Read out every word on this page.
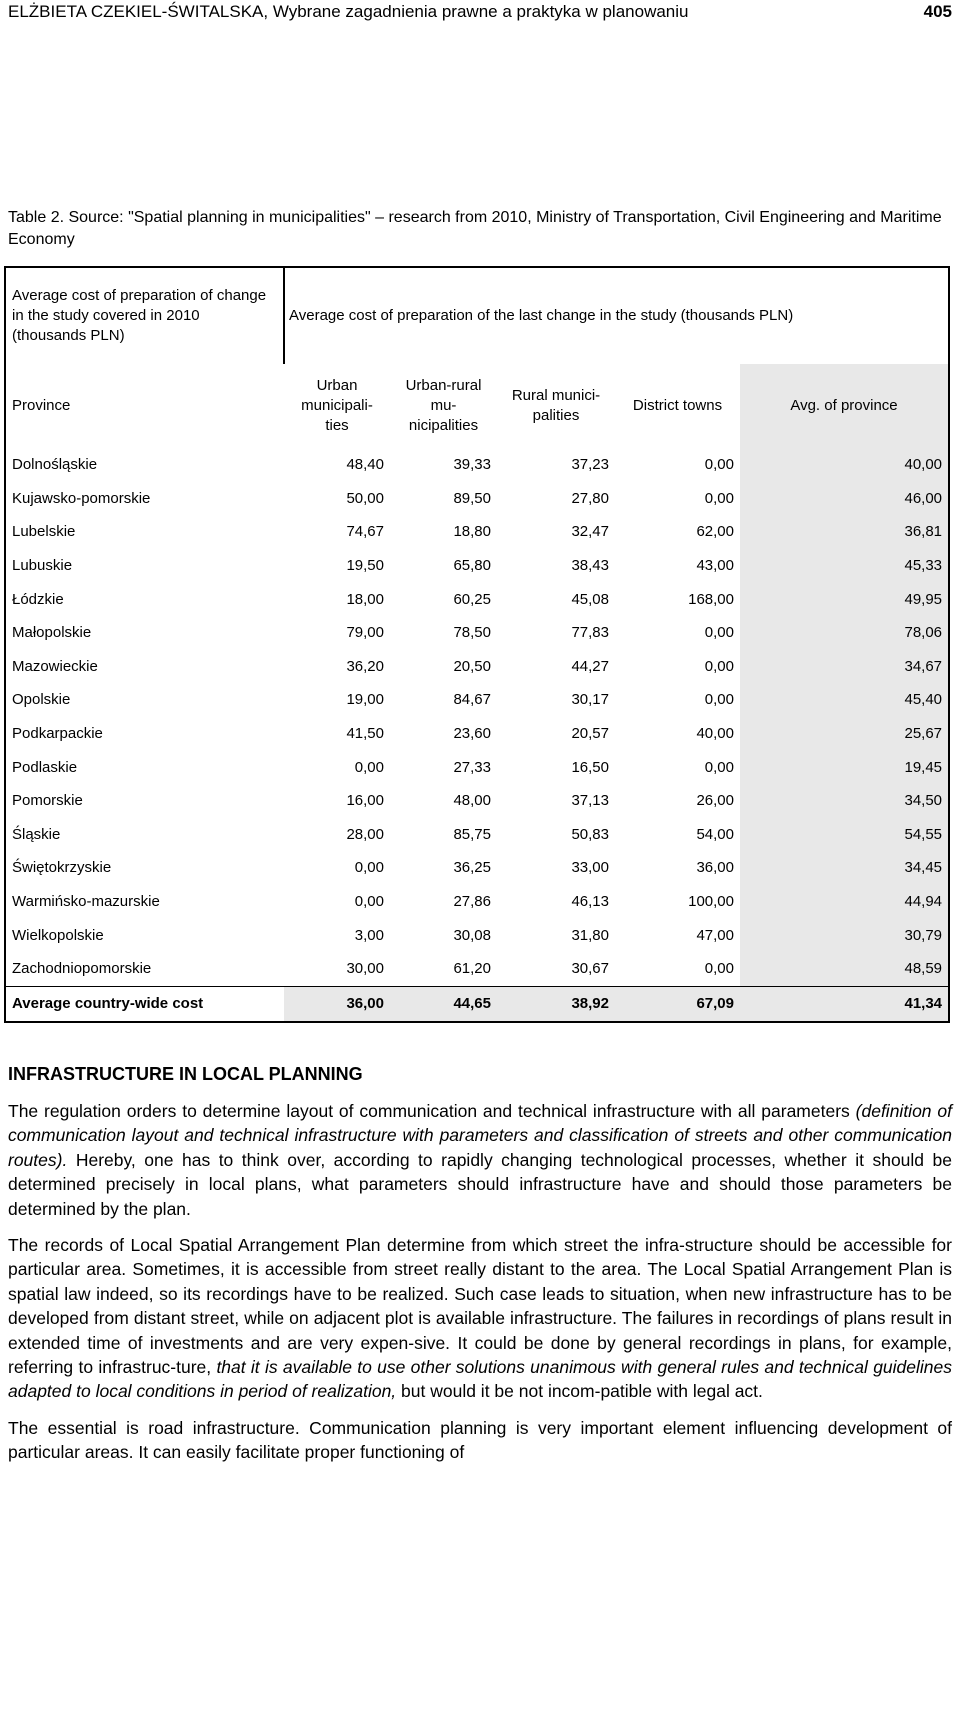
ELŻBIETA CZEKIEL-ŚWITALSKA, Wybrane zagadnienia prawne a praktyka w planowaniu	405
Table 2. Source: "Spatial planning in municipalities" – research from 2010, Ministry of Transportation, Civil Engineering and Maritime Economy
Average cost of preparation of change in the study covered in 2010 (thousands PLN)	Average cost of preparation of the last change in the study (thousands PLN)				
Province	Urban municipali-ties	Urban-rural mu-nicipalities	Rural munici-palities	District towns	Avg. of province
Dolnośląskie	48,40	39,33	37,23	0,00	40,00
Kujawsko-pomorskie	50,00	89,50	27,80	0,00	46,00
Lubelskie	74,67	18,80	32,47	62,00	36,81
Lubuskie	19,50	65,80	38,43	43,00	45,33
Łódzkie	18,00	60,25	45,08	168,00	49,95
Małopolskie	79,00	78,50	77,83	0,00	78,06
Mazowieckie	36,20	20,50	44,27	0,00	34,67
Opolskie	19,00	84,67	30,17	0,00	45,40
Podkarpackie	41,50	23,60	20,57	40,00	25,67
Podlaskie	0,00	27,33	16,50	0,00	19,45
Pomorskie	16,00	48,00	37,13	26,00	34,50
Śląskie	28,00	85,75	50,83	54,00	54,55
Świętokrzyskie	0,00	36,25	33,00	36,00	34,45
Warmińsko-mazurskie	0,00	27,86	46,13	100,00	44,94
Wielkopolskie	3,00	30,08	31,80	47,00	30,79
Zachodniopomorskie	30,00	61,20	30,67	0,00	48,59
Average country-wide cost	36,00	44,65	38,92	67,09	41,34
INFRASTRUCTURE IN LOCAL PLANNING

The regulation orders to determine layout of communication and technical infrastructure with all parameters (definition of communication layout and technical infrastructure with parameters and classification of streets and other communication routes). Hereby, one has to think over, according to rapidly changing technological processes, whether it should be determined precisely in local plans, what parameters should infrastructure have and should those parameters be determined by the plan.

The records of Local Spatial Arrangement Plan determine from which street the infra-structure should be accessible for particular area. Sometimes, it is accessible from street really distant to the area. The Local Spatial Arrangement Plan is spatial law indeed, so its recordings have to be realized. Such case leads to situation, when new infrastructure has to be developed from distant street, while on adjacent plot is available infrastructure. The failures in recordings of plans result in extended time of investments and are very expen-sive. It could be done by general recordings in plans, for example, referring to infrastruc-ture, that it is available to use other solutions unanimous with general rules and technical guidelines adapted to local conditions in period of realization, but would it be not incom-patible with legal act.

The essential is road infrastructure. Communication planning is very important element influencing development of particular areas. It can easily facilitate proper functioning of
